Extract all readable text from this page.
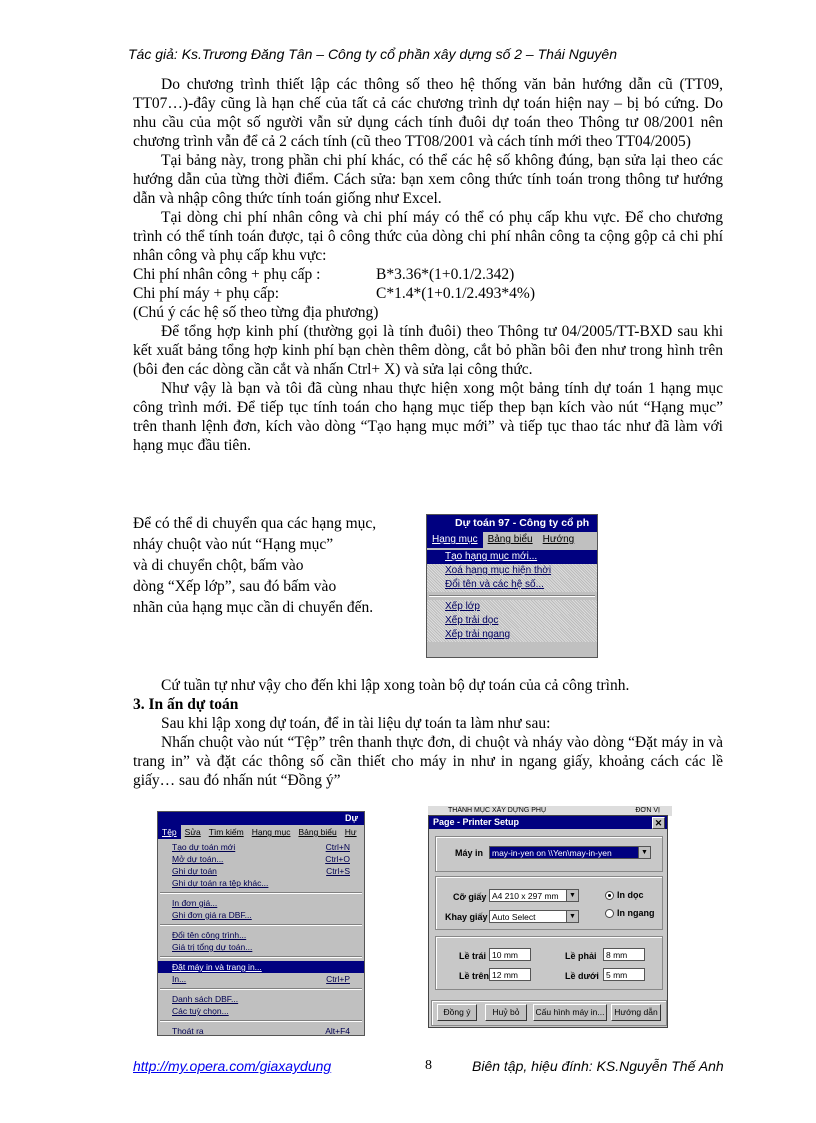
Tác giả: Ks.Trương Đăng Tân – Công ty cổ phần xây dựng số 2 – Thái Nguyên

Do chương trình thiết lập các thông số theo hệ thống văn bản hướng dẫn cũ (TT09, TT07…)-đây cũng là hạn chế của tất cả các chương trình dự toán hiện nay – bị bó cứng. Do nhu cầu của một số người vẫn sử dụng cách tính đuôi dự toán theo Thông tư 08/2001 nên chương trình vẫn để cả 2 cách tính (cũ theo TT08/2001 và cách tính mới theo TT04/2005)

Tại bảng này, trong phần chi phí khác, có thể các hệ số không đúng, bạn sửa lại theo các hướng dẫn của từng thời điểm. Cách sửa: bạn xem công thức tính toán trong thông tư hướng dẫn và nhập công thức tính toán giống như Excel.

Tại dòng chi phí nhân công và chi phí máy có thể có phụ cấp khu vực. Để cho chương trình có thể tính toán được, tại ô công thức của dòng chi phí nhân công ta cộng gộp cả chi phí nhân công và phụ cấp khu vực:

Chi phí nhân công + phụ cấp :	B*3.36*(1+0.1/2.342)
Chi phí máy + phụ cấp:	C*1.4*(1+0.1/2.493*4%)

(Chú ý các hệ số theo từng địa phương)

Để tổng hợp kinh phí (thường gọi là tính đuôi) theo Thông tư 04/2005/TT-BXD sau khi kết xuất bảng tổng hợp kinh phí bạn chèn thêm dòng, cắt bỏ phần bôi đen như trong hình trên (bôi đen các dòng cần cắt và nhấn Ctrl+ X) và sửa lại công thức.

Như vậy là bạn và tôi đã cùng nhau thực hiện xong một bảng tính dự toán 1 hạng mục công trình mới. Để tiếp tục tính toán cho hạng mục tiếp thep bạn kích vào nút “Hạng mục” trên thanh lệnh đơn, kích vào dòng “Tạo hạng mục mới” và tiếp tục thao tác như đã làm với hạng mục đầu tiên.

Để có thể di chuyển qua các hạng mục,
nháy chuột vào nút “Hạng mục”
và di chuyển chột, bấm vào
dòng “Xếp lớp”, sau đó bấm vào
nhãn của hạng mục cần di chuyển đến.
Dự toán 97 - Công ty cổ ph
Hạng mục	Bảng biểu	Hướng
Tạo hạng mục mới...
Xoá hạng mục hiện thời
Đổi tên và các hệ số...
Xếp lớp
Xếp trải dọc
Xếp trải ngang

Cứ tuần tự như vậy cho đến khi lập xong toàn bộ dự toán của cả công trình.

3. In ấn dự toán

Sau khi lập xong dự toán, để in tài liệu dự toán ta làm như sau:

Nhấn chuột vào nút “Tệp” trên thanh thực đơn, di chuột và nháy vào dòng “Đặt máy in và trang in” và đặt các thông số cần thiết cho máy in như in ngang giấy, khoảng cách các lề giấy… sau đó nhấn nút “Đồng ý”

Dự
Tệp Sửa Tìm kiếm Hạng mục Bảng biểu Hư
Tạo dự toán mới	Ctrl+N
Mở dự toán...	Ctrl+O
Ghi dự toán	Ctrl+S
Ghi dự toán ra tệp khác...
In đơn giá...
Ghi đơn giá ra DBF...
Đổi tên công trình...
Giá trị tổng dự toán...
Đặt máy in và trang in...
In...	Ctrl+P
Danh sách DBF...
Các tuỳ chọn...
Thoát ra	Alt+F4
THÀNH MỤC XÂY DỰNG PHỤ	ĐƠN VỊ
Page - Printer Setup	✕
Máy in	may-in-yen on \\Yen\may-in-yen	▼
Cỡ giấy A4 210 x 297 mm	▼
Khay giấy Auto Select	▼
In dọc
In ngang
Lề trái 10 mm	Lề phải	8 mm
Lề trên 12 mm	Lề dưới 5 mm
Đồng ý	Huỷ bỏ	Cấu hình máy in...	Hướng dẫn
http://my.opera.com/giaxaydung	8	Biên tập, hiệu đính: KS.Nguyễn Thế Anh
